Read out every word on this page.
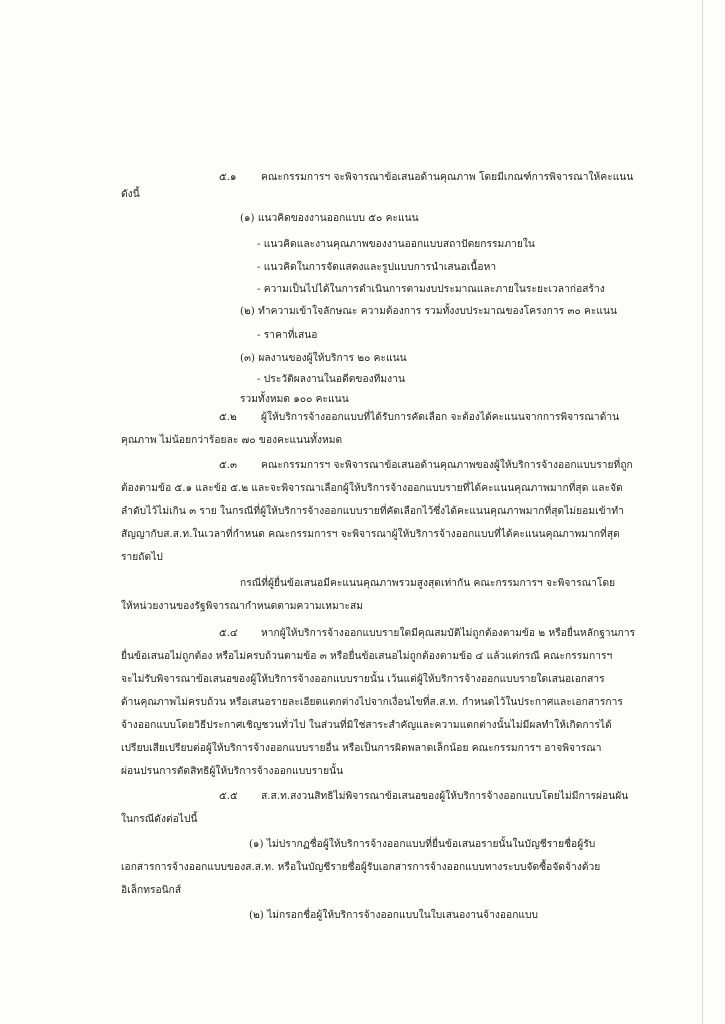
๕.๑ คณะกรรมการฯ จะพิจารณาข้อเสนอด้านคุณภาพ โดยมีเกณฑ์การพิจารณาให้คะแนน
ดังนี้
(๑) แนวคิดของงานออกแบบ ๕๐ คะแนน
- แนวคิดและงานคุณภาพของงานออกแบบสถาปัตยกรรมภายใน
- แนวคิดในการจัดแสดงและรูปแบบการนำเสนอเนื้อหา
- ความเป็นไปได้ในการดำเนินการตามงบประมาณและภายในระยะเวลาก่อสร้าง
(๒) ทำความเข้าใจลักษณะ ความต้องการ รวมทั้งงบประมาณของโครงการ ๓๐ คะแนน
- ราคาที่เสนอ
(๓) ผลงานของผู้ให้บริการ ๒๐ คะแนน
- ประวัติผลงานในอดีตของทีมงาน
รวมทั้งหมด ๑๐๐ คะแนน
๕.๒ ผู้ให้บริการจ้างออกแบบที่ได้รับการคัดเลือก จะต้องได้คะแนนจากการพิจารณาด้าน
คุณภาพ ไม่น้อยกว่าร้อยละ ๗๐ ของคะแนนทั้งหมด
๕.๓ คณะกรรมการฯ จะพิจารณาข้อเสนอด้านคุณภาพของผู้ให้บริการจ้างออกแบบรายที่ถูก
ต้องตามข้อ ๕.๑ และข้อ ๕.๒ และจะพิจารณาเลือกผู้ให้บริการจ้างออกแบบรายที่ได้คะแนนคุณภาพมากที่สุด และจัด
ลำดับไว้ไม่เกิน ๓ ราย ในกรณีที่ผู้ให้บริการจ้างออกแบบรายที่คัดเลือกไว้ซึ่งได้คะแนนคุณภาพมากที่สุดไม่ยอมเข้าทำ
สัญญากับส.ส.ท.ในเวลาที่กำหนด คณะกรรมการฯ จะพิจารณาผู้ให้บริการจ้างออกแบบที่ได้คะแนนคุณภาพมากที่สุด
รายถัดไป
กรณีที่ผู้ยื่นข้อเสนอมีคะแนนคุณภาพรวมสูงสุดเท่ากัน คณะกรรมการฯ จะพิจารณาโดย
ให้หน่วยงานของรัฐพิจารณากำหนดตามความเหมาะสม
๕.๔ หากผู้ให้บริการจ้างออกแบบรายใดมีคุณสมบัติไม่ถูกต้องตามข้อ ๒ หรือยื่นหลักฐานการ
ยื่นข้อเสนอไม่ถูกต้อง หรือไม่ครบถ้วนตามข้อ ๓ หรือยื่นข้อเสนอไม่ถูกต้องตามข้อ ๔ แล้วแต่กรณี คณะกรรมการฯ
จะไม่รับพิจารณาข้อเสนอของผู้ให้บริการจ้างออกแบบรายนั้น เว้นแต่ผู้ให้บริการจ้างออกแบบรายใดเสนอเอกสาร
ด้านคุณภาพไม่ครบถ้วน หรือเสนอรายละเอียดแตกต่างไปจากเงื่อนไขที่ส.ส.ท. กำหนดไว้ในประกาศและเอกสารการ
จ้างออกแบบโดยวิธีประกาศเชิญชวนทั่วไป ในส่วนที่มิใช่สาระสำคัญและความแตกต่างนั้นไม่มีผลทำให้เกิดการได้
เปรียบเสียเปรียบต่อผู้ให้บริการจ้างออกแบบรายอื่น หรือเป็นการผิดพลาดเล็กน้อย คณะกรรมการฯ อาจพิจารณา
ผ่อนปรนการตัดสิทธิผู้ให้บริการจ้างออกแบบรายนั้น
๕.๕ ส.ส.ท.สงวนสิทธิไม่พิจารณาข้อเสนอของผู้ให้บริการจ้างออกแบบโดยไม่มีการผ่อนผัน
ในกรณีดังต่อไปนี้
(๑) ไม่ปรากฏชื่อผู้ให้บริการจ้างออกแบบที่ยื่นข้อเสนอรายนั้นในบัญชีรายชื่อผู้รับ
เอกสารการจ้างออกแบบของส.ส.ท. หรือในบัญชีรายชื่อผู้รับเอกสารการจ้างออกแบบทางระบบจัดซื้อจัดจ้างด้วย
อิเล็กทรอนิกส์
(๒) ไม่กรอกชื่อผู้ให้บริการจ้างออกแบบในใบเสนองานจ้างออกแบบ
